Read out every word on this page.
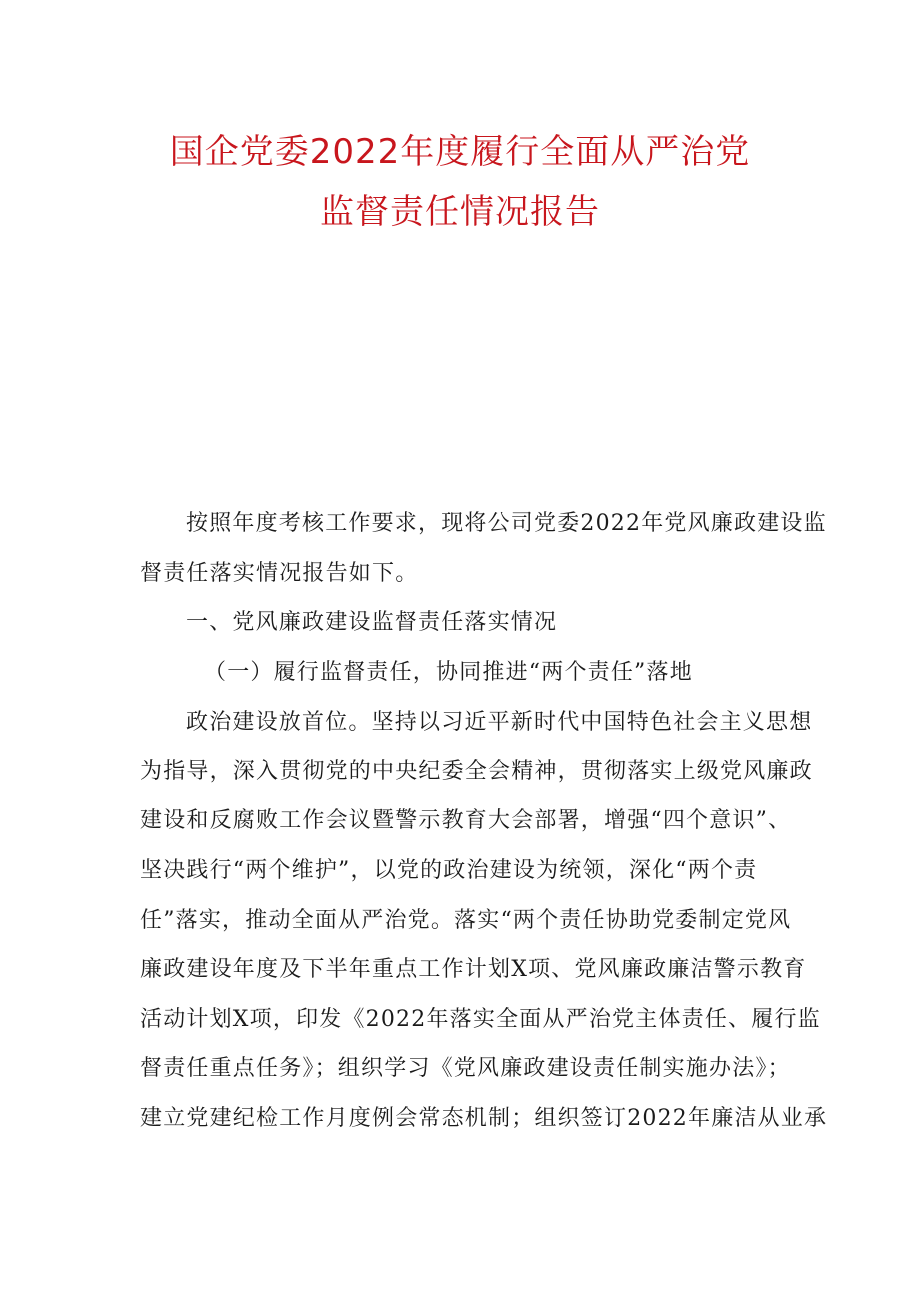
国企党委2022年度履行全面从严治党
监督责任情况报告
按照年度考核工作要求，现将公司党委2022年党风廉政建设监
督责任落实情况报告如下。
一、党风廉政建设监督责任落实情况
（一）履行监督责任，协同推进“两个责任”落地
政治建设放首位。坚持以习近平新时代中国特色社会主义思想
为指导，深入贯彻党的中央纪委全会精神，贯彻落实上级党风廉政
建设和反腐败工作会议暨警示教育大会部署，增强“四个意识”、
坚决践行“两个维护”，以党的政治建设为统领，深化“两个责
任”落实，推动全面从严治党。落实“两个责任协助党委制定党风
廉政建设年度及下半年重点工作计划X项、党风廉政廉洁警示教育
活动计划X项，印发《2022年落实全面从严治党主体责任、履行监
督责任重点任务》；组织学习《党风廉政建设责任制实施办法》；
建立党建纪检工作月度例会常态机制；组织签订2022年廉洁从业承
